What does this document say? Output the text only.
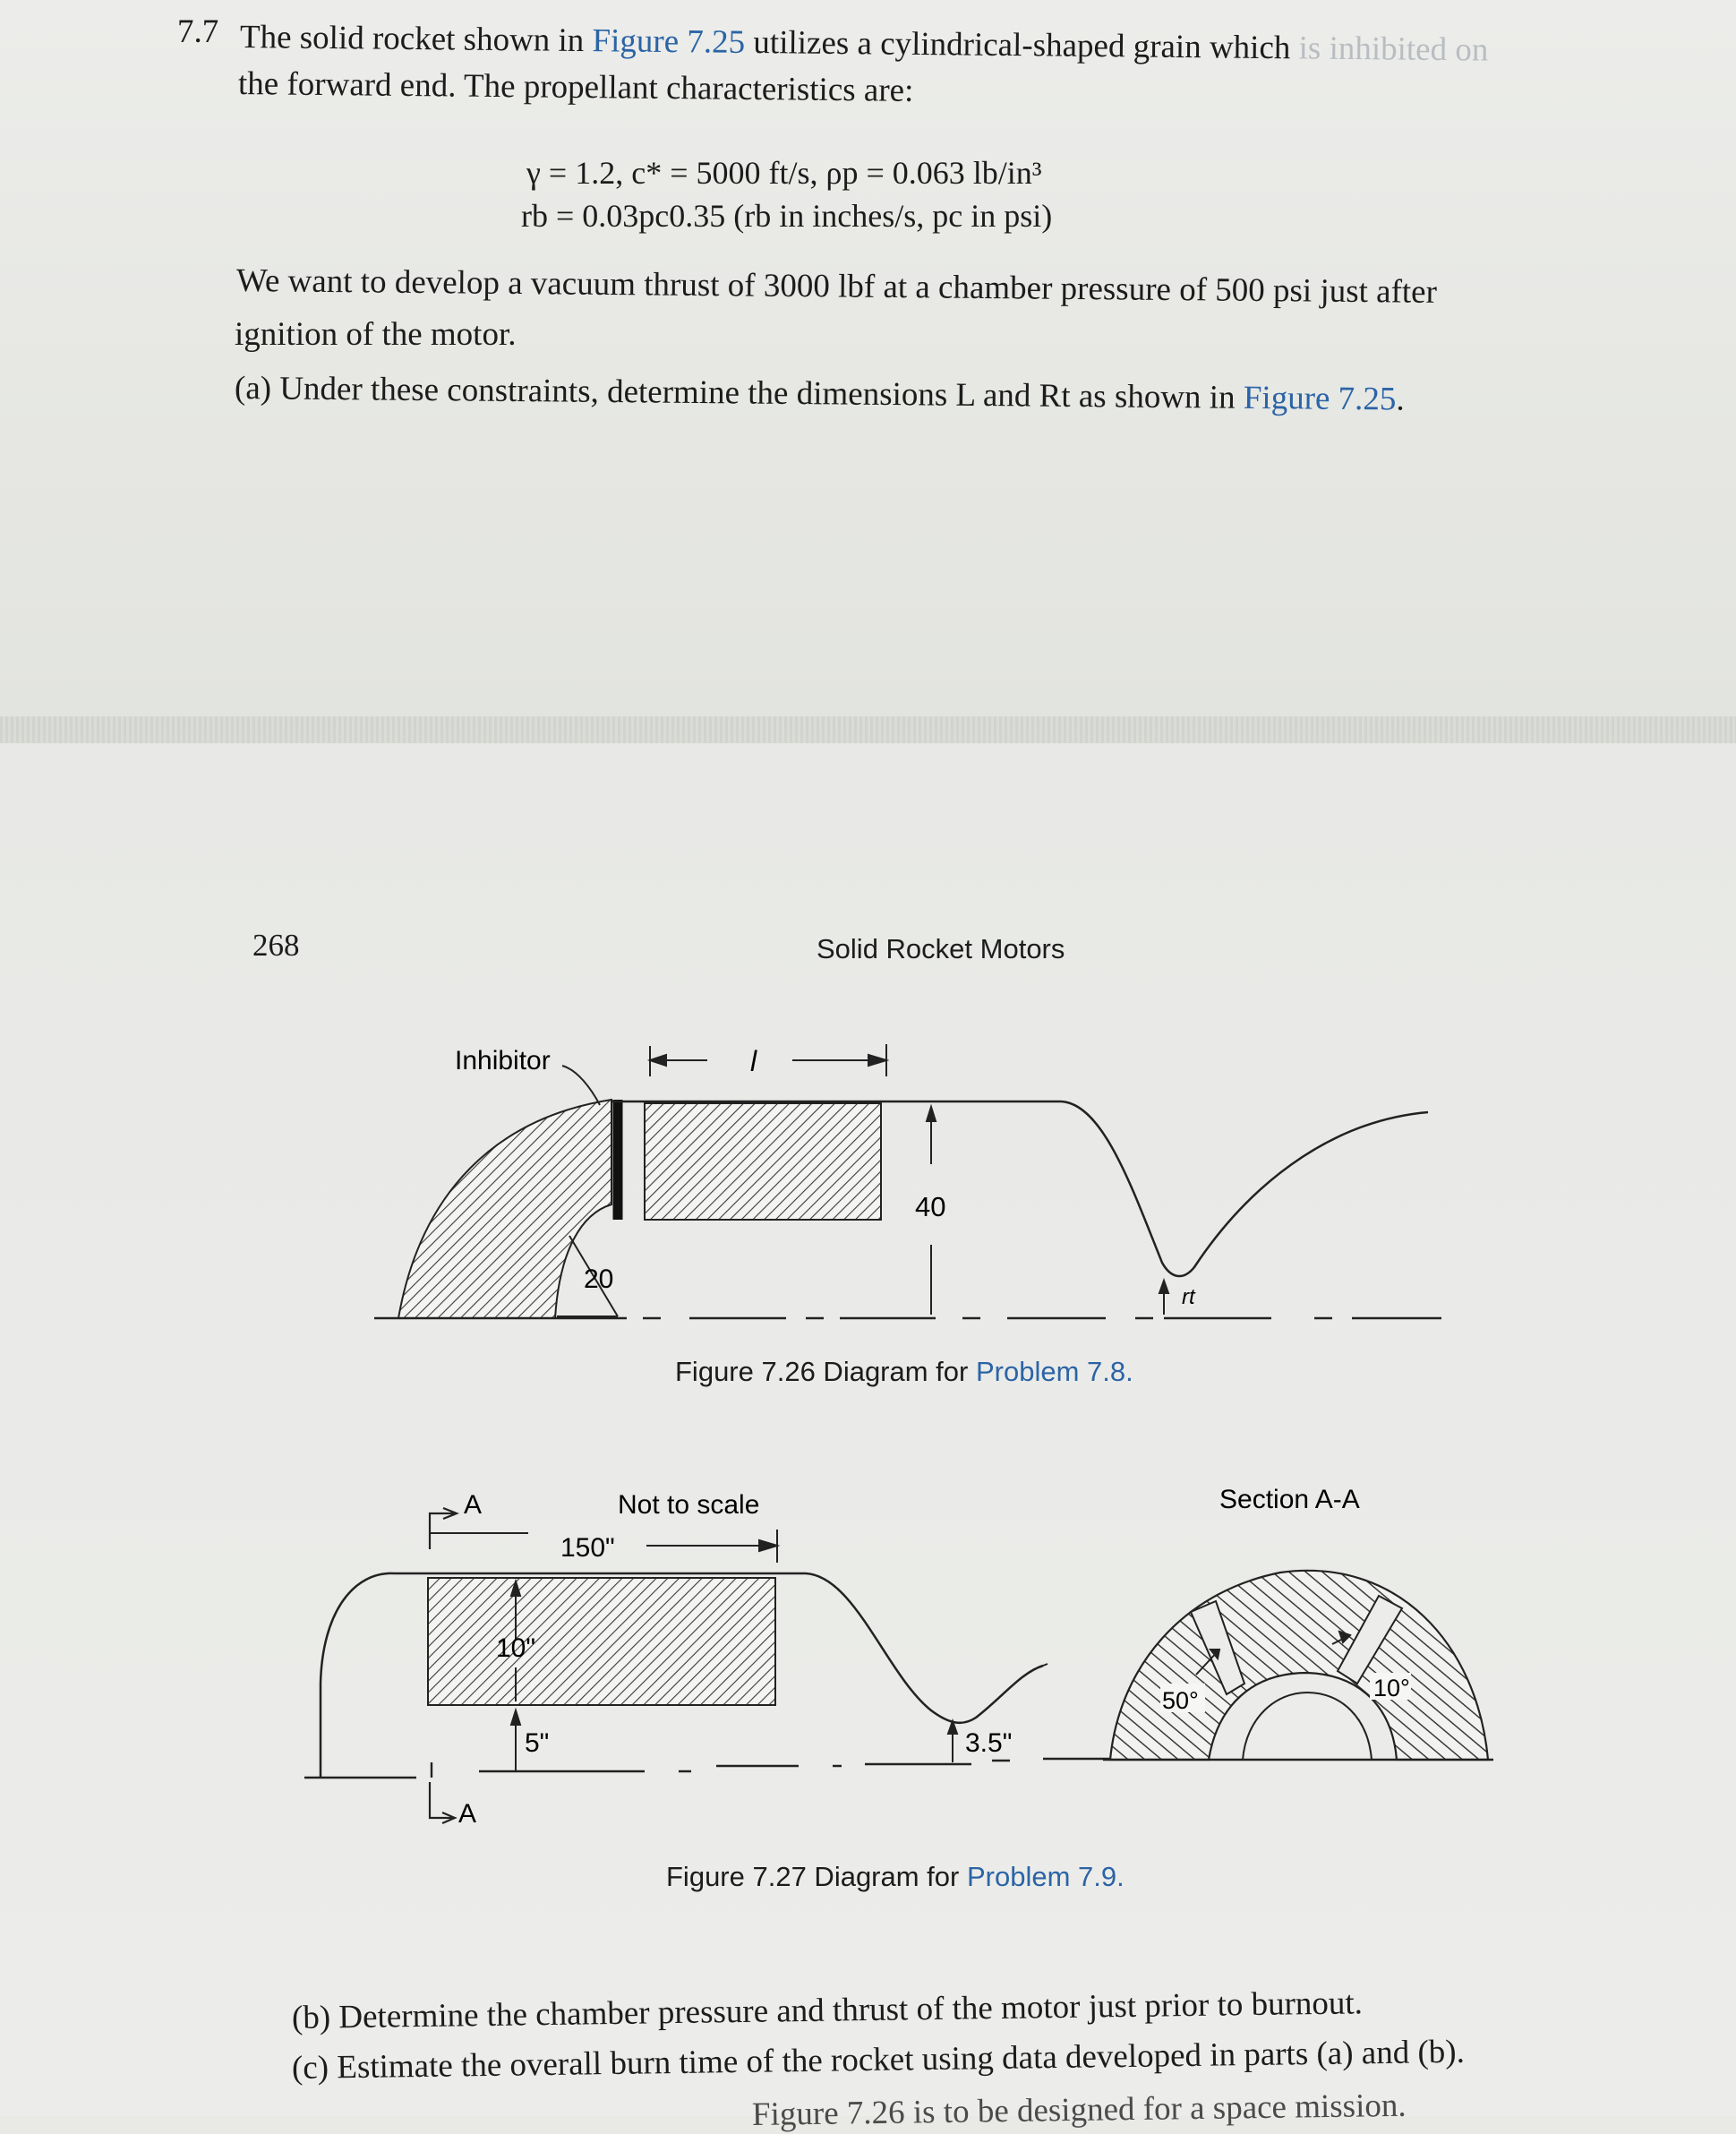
7.7 The solid rocket shown in Figure 7.25 utilizes a cylindrical-shaped grain which is inhibited on
the forward end. The propellant characteristics are:
γ = 1.2, c* = 5000 ft/s, ρp = 0.063 lb/in³
rb = 0.03pc0.35 (rb in inches/s, pc in psi)
We want to develop a vacuum thrust of 3000 lbf at a chamber pressure of 500 psi just after
ignition of the motor.
(a) Under these constraints, determine the dimensions L and Rt as shown in Figure 7.25.
268	Solid Rocket Motors
l
40
20
Inhibitor
rt
A
A
150"
Not to scale
10"
5"	3.5"
Section A-A
50°	10°
Figure 7.26 Diagram for Problem 7.8.
Figure 7.27 Diagram for Problem 7.9.
(b) Determine the chamber pressure and thrust of the motor just prior to burnout.
(c) Estimate the overall burn time of the rocket using data developed in parts (a) and (b).
Figure 7.26 is to be designed for a space mission.
